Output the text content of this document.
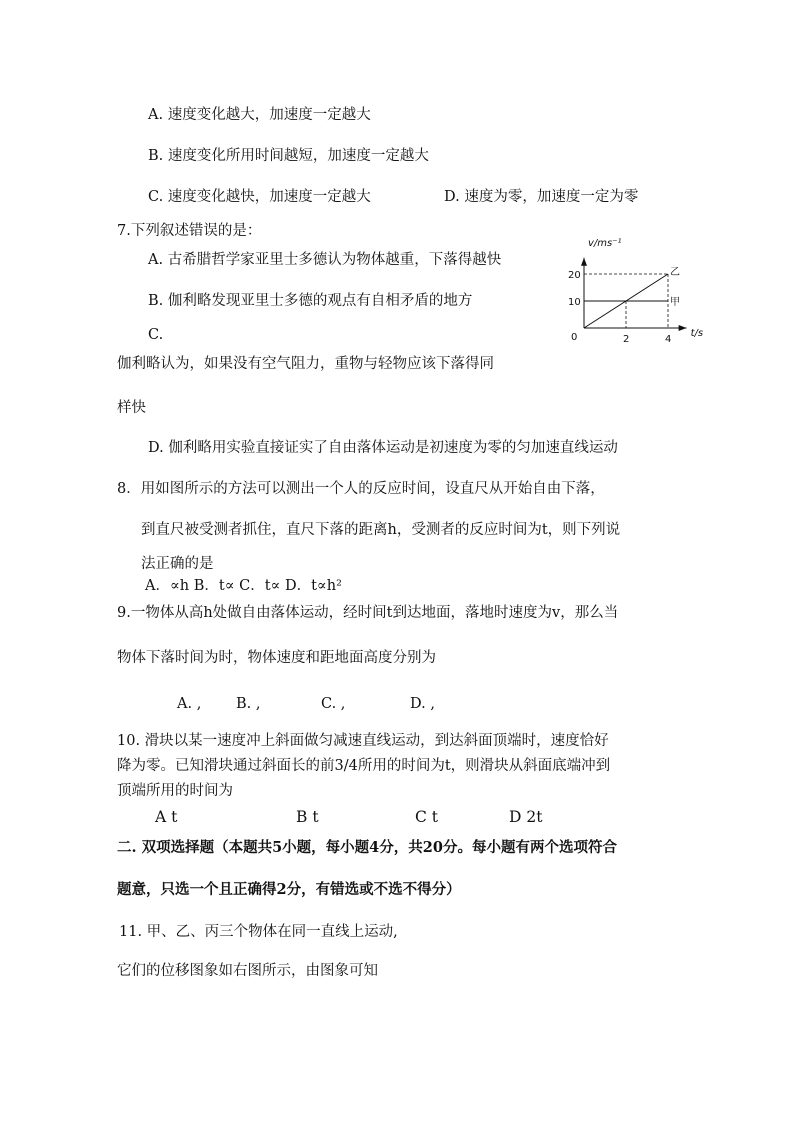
A. 速度变化越大，加速度一定越大
B. 速度变化所用时间越短，加速度一定越大
C. 速度变化越快，加速度一定越大	D. 速度为零，加速度一定为零
7.下列叙述错误的是：
A. 古希腊哲学家亚里士多德认为物体越重，下落得越快
B. 伽利略发现亚里士多德的观点有自相矛盾的地方
C.
伽利略认为，如果没有空气阻力，重物与轻物应该下落得同
样快
D. 伽利略用实验直接证实了自由落体运动是初速度为零的匀加速直线运动
乙
甲
2	4
10
20
0
v/ms⁻¹
t/s
8．用如图所示的方法可以测出一个人的反应时间，设直尺从开始自由下落，
到直尺被受测者抓住，直尺下落的距离h，受测者的反应时间为t，则下列说
法正确的是
A．∝h B．t∝ C．t∝ D．t∝h²
9.一物体从高h处做自由落体运动，经时间t到达地面，落地时速度为v，那么当
物体下落时间为时，物体速度和距地面高度分别为
A. , B. ,	C. ,	D. ,
10. 滑块以某一速度冲上斜面做匀减速直线运动，到达斜面顶端时，速度恰好
降为零。已知滑块通过斜面长的前3/4所用的时间为t，则滑块从斜面底端冲到
顶端所用的时间为
A t	B t	C t	D 2t
二. 双项选择题（本题共5小题，每小题4分，共20分。每小题有两个选项符合
题意，只选一个且正确得2分，有错选或不选不得分）
11. 甲、乙、丙三个物体在同一直线上运动,
它们的位移图象如右图所示，由图象可知
